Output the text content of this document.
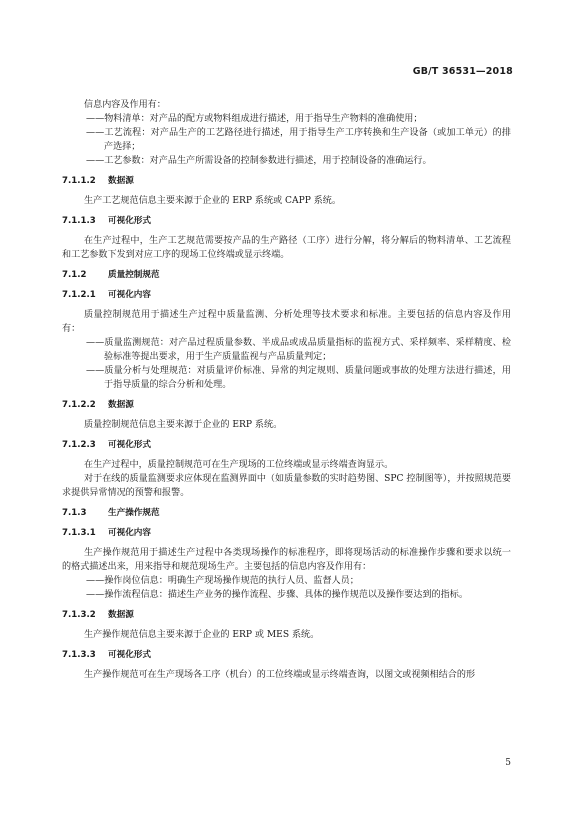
GB/T 36531—2018

信息内容及作用有：

——物料清单：对产品的配方或物料组成进行描述，用于指导生产物料的准确使用；

——工艺流程：对产品生产的工艺路径进行描述，用于指导生产工序转换和生产设备（或加工单元）的排产选择；

——工艺参数：对产品生产所需设备的控制参数进行描述，用于控制设备的准确运行。

7.1.1.2 数据源

生产工艺规范信息主要来源于企业的 ERP 系统或 CAPP 系统。

7.1.1.3 可视化形式

在生产过程中，生产工艺规范需要按产品的生产路径（工序）进行分解，将分解后的物料清单、工艺流程和工艺参数下发到对应工序的现场工位终端或显示终端。

7.1.2	质量控制规范

7.1.2.1 可视化内容

质量控制规范用于描述生产过程中质量监测、分析处理等技术要求和标准。主要包括的信息内容及作用有：

——质量监测规范：对产品过程质量参数、半成品或成品质量指标的监视方式、采样频率、采样精度、检验标准等提出要求，用于生产质量监视与产品质量判定；

——质量分析与处理规范：对质量评价标准、异常的判定规则、质量问题或事故的处理方法进行描述，用于指导质量的综合分析和处理。

7.1.2.2 数据源

质量控制规范信息主要来源于企业的 ERP 系统。

7.1.2.3 可视化形式

在生产过程中，质量控制规范可在生产现场的工位终端或显示终端查询显示。

对于在线的质量监测要求应体现在监测界面中（如质量参数的实时趋势图、SPC 控制图等），并按照规范要求提供异常情况的预警和报警。

7.1.3	生产操作规范

7.1.3.1 可视化内容

生产操作规范用于描述生产过程中各类现场操作的标准程序，即将现场活动的标准操作步骤和要求以统一的格式描述出来，用来指导和规范现场生产。主要包括的信息内容及作用有：

——操作岗位信息：明确生产现场操作规范的执行人员、监督人员；

——操作流程信息：描述生产业务的操作流程、步骤、具体的操作规范以及操作要达到的指标。

7.1.3.2 数据源

生产操作规范信息主要来源于企业的 ERP 或 MES 系统。

7.1.3.3 可视化形式

生产操作规范可在生产现场各工序（机台）的工位终端或显示终端查询，以图文或视频相结合的形

5
